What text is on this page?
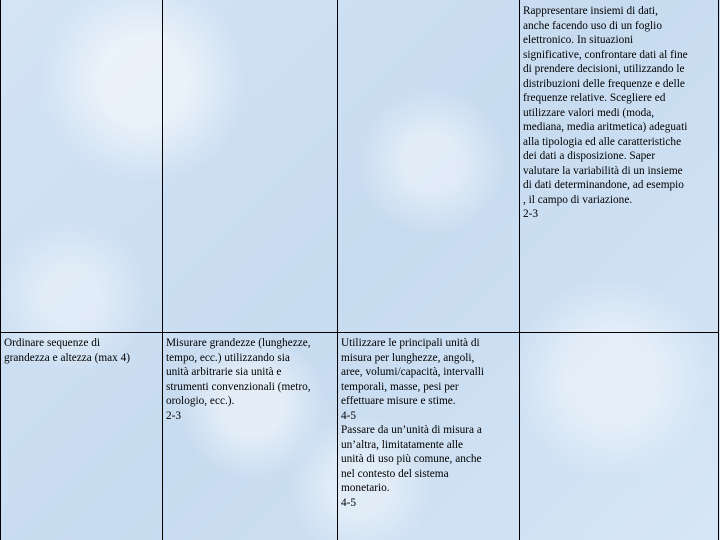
Rappresentare insiemi di dati,
anche facendo uso di un foglio
elettronico. In situazioni
significative, confrontare dati al fine
di prendere decisioni, utilizzando le
distribuzioni delle frequenze e delle
frequenze relative. Scegliere ed
utilizzare valori medi (moda,
mediana, media aritmetica) adeguati
alla tipologia ed alle caratteristiche
dei dati a disposizione. Saper
valutare la variabilità di un insieme
di dati determinandone, ad esempio
, il campo di variazione.
2-3
Ordinare sequenze di
grandezza e altezza (max 4)
Misurare grandezze (lunghezze,
tempo, ecc.) utilizzando sia
unità arbitrarie sia unità e
strumenti convenzionali (metro,
orologio, ecc.).
2-3
Utilizzare le principali unità di
misura per lunghezze, angoli,
aree, volumi/capacità, intervalli
temporali, masse, pesi per
effettuare misure e stime.
4-5
Passare da un’unità di misura a
un’altra, limitatamente alle
unità di uso più comune, anche
nel contesto del sistema
monetario.
4-5
